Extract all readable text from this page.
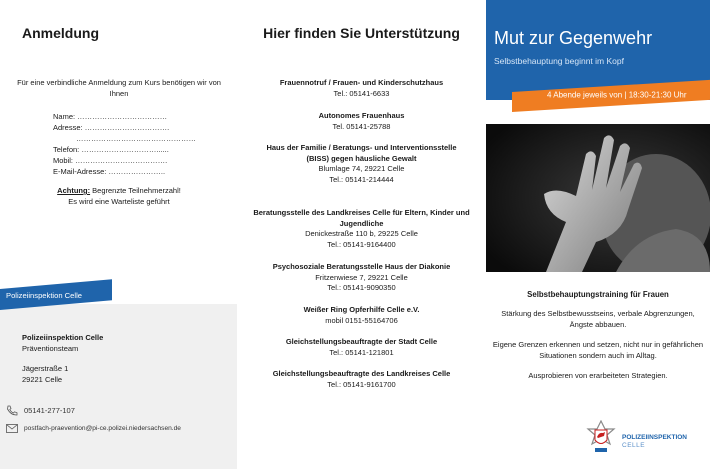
Anmeldung
Für eine verbindliche Anmeldung zum Kurs benötigen wir von Ihnen
Name: ………………………………
Adresse: …………………………….
…………………………………………
Telefon: …………………………......
Mobil: ……………………………….
E-Mail-Adresse: …………………..
Achtung: Begrenzte Teilnehmerzahl!
Es wird eine Warteliste geführt
Polizeiinspektion Celle
Polizeiinspektion Celle
Präventionsteam
Jägerstraße 1
29221 Celle
05141-277-107
postfach-praevention@pi-ce.polizei.niedersachsen.de
Hier finden Sie Unterstützung
Frauennotruf / Frauen- und Kinderschutzhaus
Tel.: 05141-6633
Autonomes Frauenhaus
Tel. 05141-25788
Haus der Familie / Beratungs- und Interventionsstelle (BISS) gegen häusliche Gewalt
Blumlage 74, 29221 Celle
Tel.: 05141-214444
Beratungsstelle des Landkreises Celle für Eltern, Kinder und Jugendliche
Denickestraße 110 b, 29225 Celle
Tel.: 05141-9164400
Psychosoziale Beratungsstelle Haus der Diakonie
Fritzenwiese 7, 29221 Celle
Tel.: 05141-9090350
Weißer Ring Opferhilfe Celle e.V.
mobil 0151-55164706
Gleichstellungsbeauftragte der Stadt Celle
Tel.: 05141-121801
Gleichstellungsbeauftragte des Landkreises Celle
Tel.: 05141-9161700
Mut zur Gegenwehr
Selbstbehauptung beginnt im Kopf
4 Abende jeweils von | 18:30-21:30 Uhr
Selbstbehauptungstraining für Frauen
Stärkung des Selbstbewusstseins, verbale Abgrenzungen, Ängste abbauen.
Eigene Grenzen erkennen und setzen, nicht nur in gefährlichen Situationen sondern auch im Alltag.
Ausprobieren von erarbeiteten Strategien.
POLIZEIINSPEKTION
CELLE
